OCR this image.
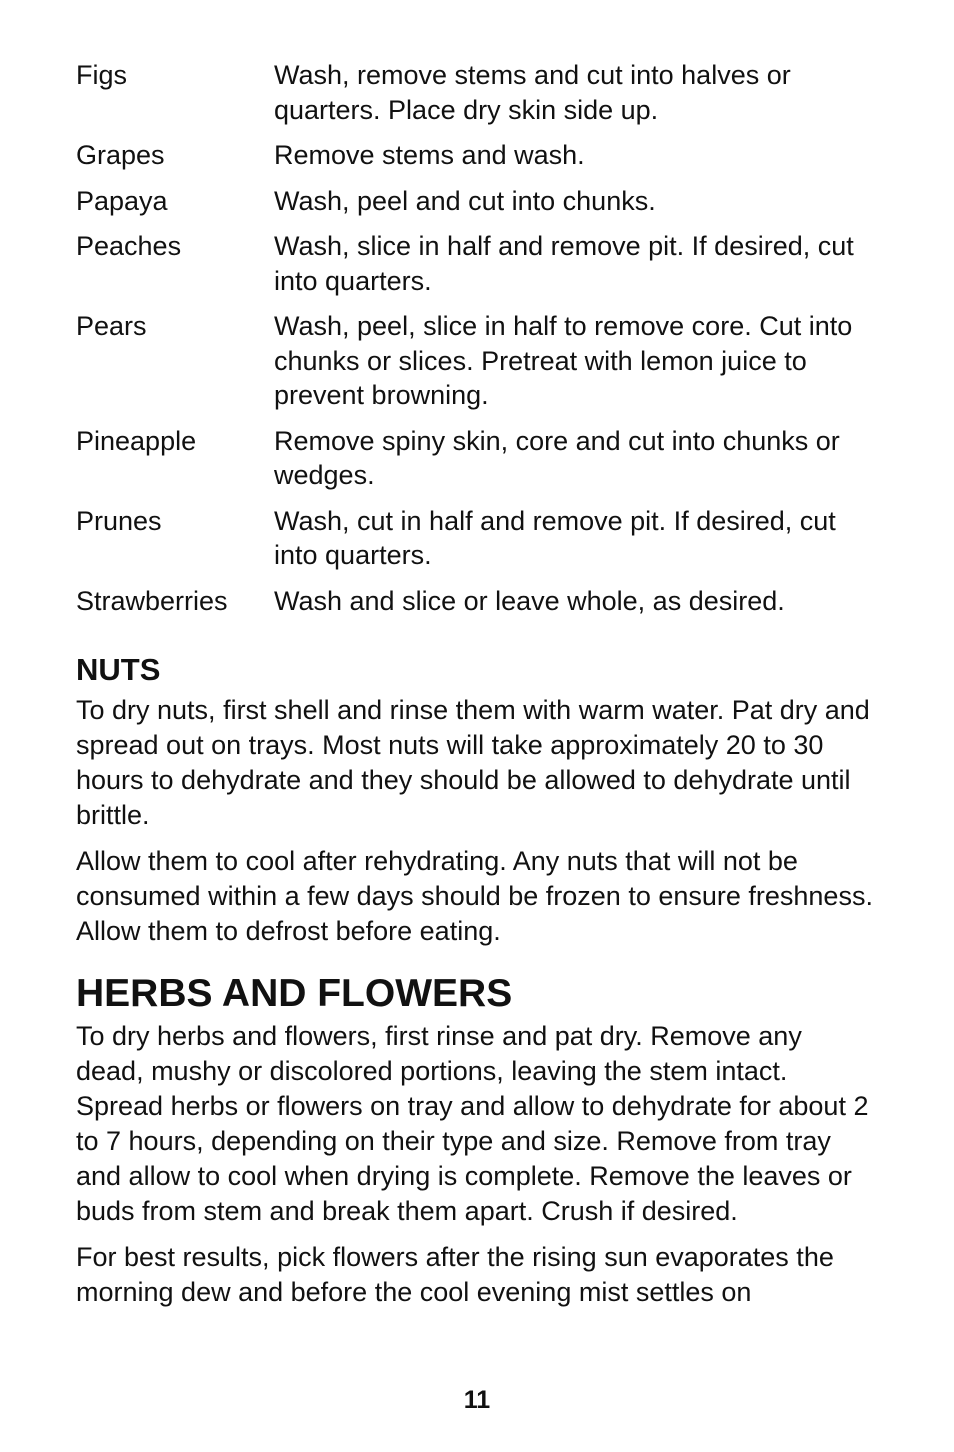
Figs	Wash, remove stems and cut into halves or quarters. Place dry skin side up.
Grapes	Remove stems and wash.
Papaya	Wash, peel and cut into chunks.
Peaches	Wash, slice in half and remove pit. If desired, cut into quarters.
Pears	Wash, peel, slice in half to remove core. Cut into chunks or slices. Pretreat with lemon juice to prevent browning.
Pineapple	Remove spiny skin, core and cut into chunks or wedges.
Prunes	Wash, cut in half and remove pit. If desired, cut into quarters.
Strawberries	Wash and slice or leave whole, as desired.
NUTS

To dry nuts, first shell and rinse them with warm water. Pat dry and spread out on trays. Most nuts will take approximately 20 to 30 hours to dehydrate and they should be allowed to dehydrate until brittle.

Allow them to cool after rehydrating. Any nuts that will not be consumed within a few days should be frozen to ensure freshness. Allow them to defrost before eating.

HERBS AND FLOWERS

To dry herbs and flowers, first rinse and pat dry. Remove any dead, mushy or discolored portions, leaving the stem intact. Spread herbs or flowers on tray and allow to dehydrate for about 2 to 7 hours, depending on their type and size. Remove from tray and allow to cool when drying is complete. Remove the leaves or buds from stem and break them apart. Crush if desired.

For best results, pick flowers after the rising sun evaporates the morning dew and before the cool evening mist settles on

11
